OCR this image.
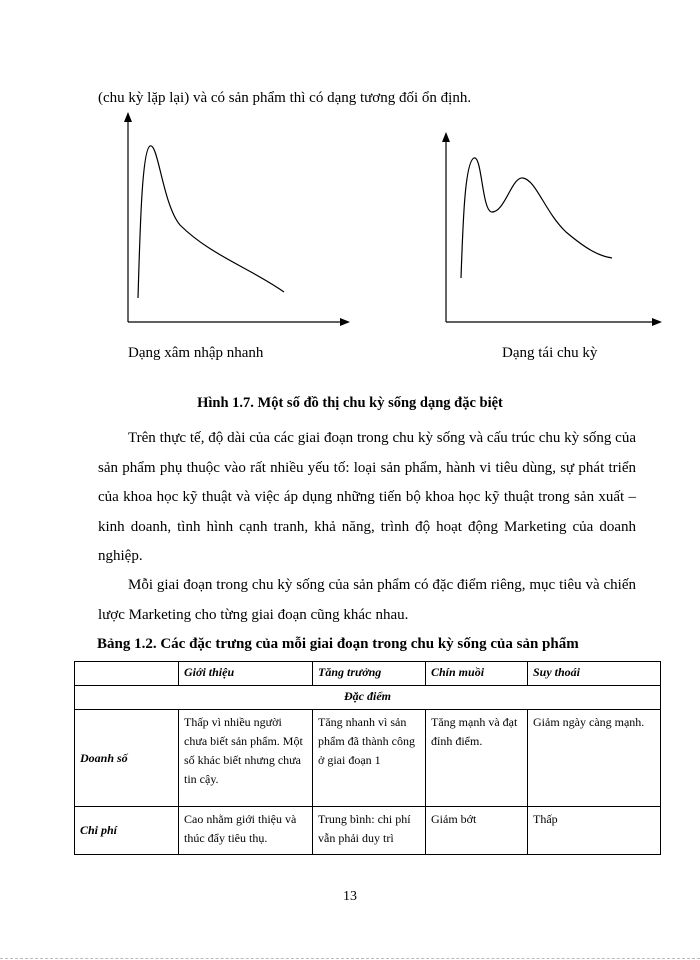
(chu kỳ lặp lại) và có sản phẩm thì có dạng tương đối ổn định.
Dạng xâm nhập nhanh	Dạng tái chu kỳ
Hình 1.7. Một số đồ thị chu kỳ sống dạng đặc biệt
Trên thực tế, độ dài của các giai đoạn trong chu kỳ sống và cấu trúc chu kỳ sống của sản phẩm phụ thuộc vào rất nhiều yếu tố: loại sản phẩm, hành vi tiêu dùng, sự phát triển của khoa học kỹ thuật và việc áp dụng những tiến bộ khoa học kỹ thuật trong sản xuất – kinh doanh, tình hình cạnh tranh, khả năng, trình độ hoạt động Marketing của doanh nghiệp.
Mỗi giai đoạn trong chu kỳ sống của sản phẩm có đặc điểm riêng, mục tiêu và chiến lược Marketing cho từng giai đoạn cũng khác nhau.
Bảng 1.2. Các đặc trưng của mỗi giai đoạn trong chu kỳ sống của sản phẩm
	Giới thiệu	Tăng trưởng	Chín muồi	Suy thoái
Đặc điểm				
Doanh số	Thấp vì nhiều người chưa biết sản phẩm. Một số khác biết nhưng chưa tin cậy.	Tăng nhanh vì sản phẩm đã thành công ở giai đoạn 1	Tăng mạnh và đạt đỉnh điểm.	Giảm ngày càng mạnh.
Chi phí	Cao nhằm giới thiệu và thúc đẩy tiêu thụ.	Trung bình: chi phí vẫn phải duy trì	Giảm bớt	Thấp
13
